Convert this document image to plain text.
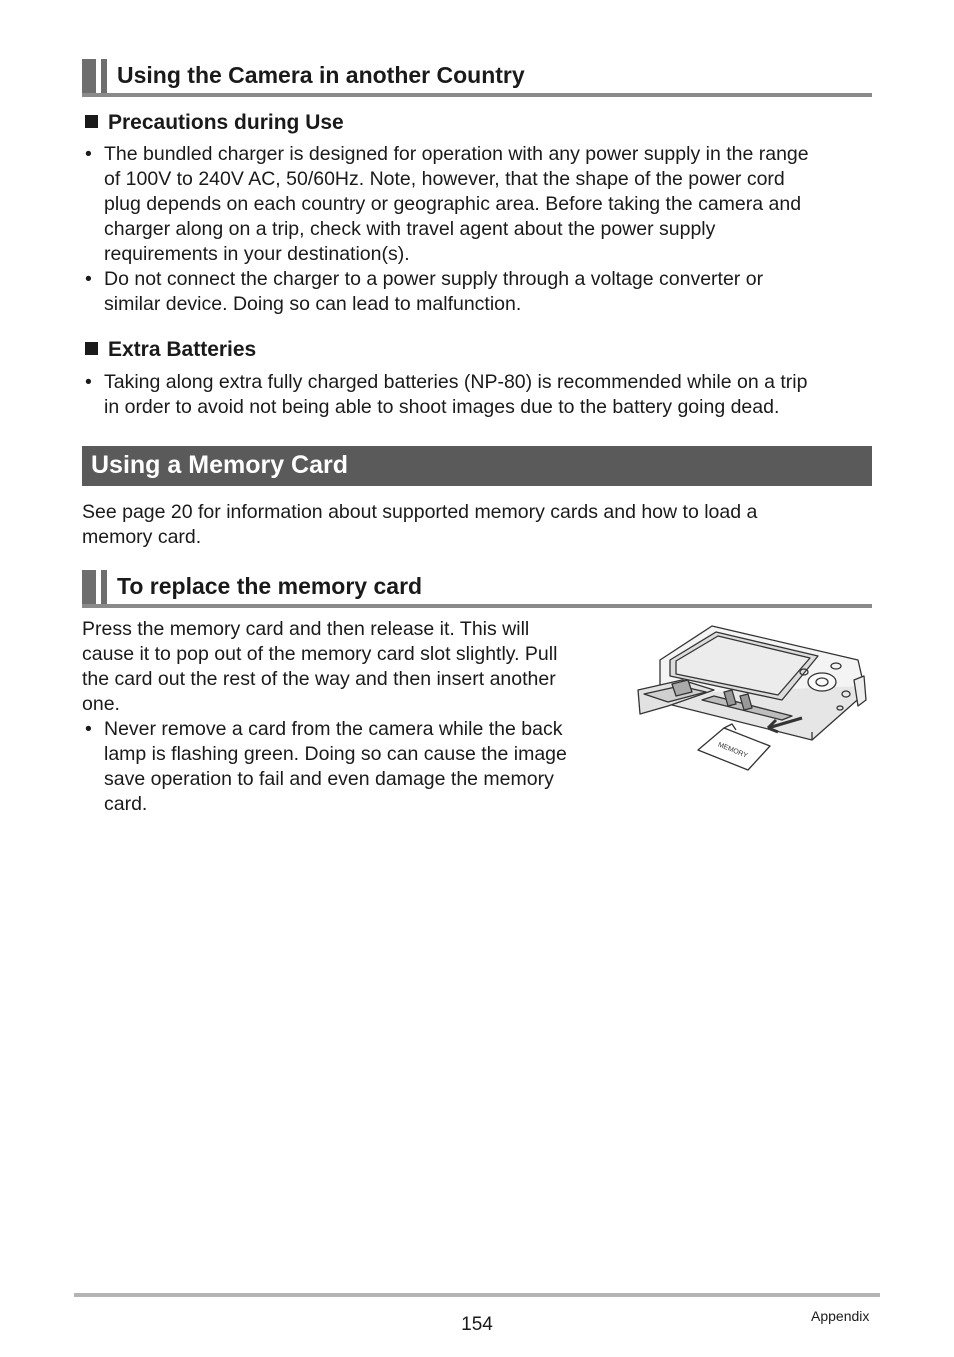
Using the Camera in another Country
Precautions during Use
• The bundled charger is designed for operation with any power supply in the range
of 100V to 240V AC, 50/60Hz. Note, however, that the shape of the power cord
plug depends on each country or geographic area. Before taking the camera and
charger along on a trip, check with travel agent about the power supply
requirements in your destination(s).
• Do not connect the charger to a power supply through a voltage converter or
similar device. Doing so can lead to malfunction.
Extra Batteries
• Taking along extra fully charged batteries (NP-80) is recommended while on a trip
in order to avoid not being able to shoot images due to the battery going dead.
Using a Memory Card
See page 20 for information about supported memory cards and how to load a
memory card.
To replace the memory card
Press the memory card and then release it. This will
cause it to pop out of the memory card slot slightly. Pull
the card out the rest of the way and then insert another
one.
• Never remove a card from the camera while the back
lamp is flashing green. Doing so can cause the image
save operation to fail and even damage the memory
card.
MEMORY
154	Appendix
